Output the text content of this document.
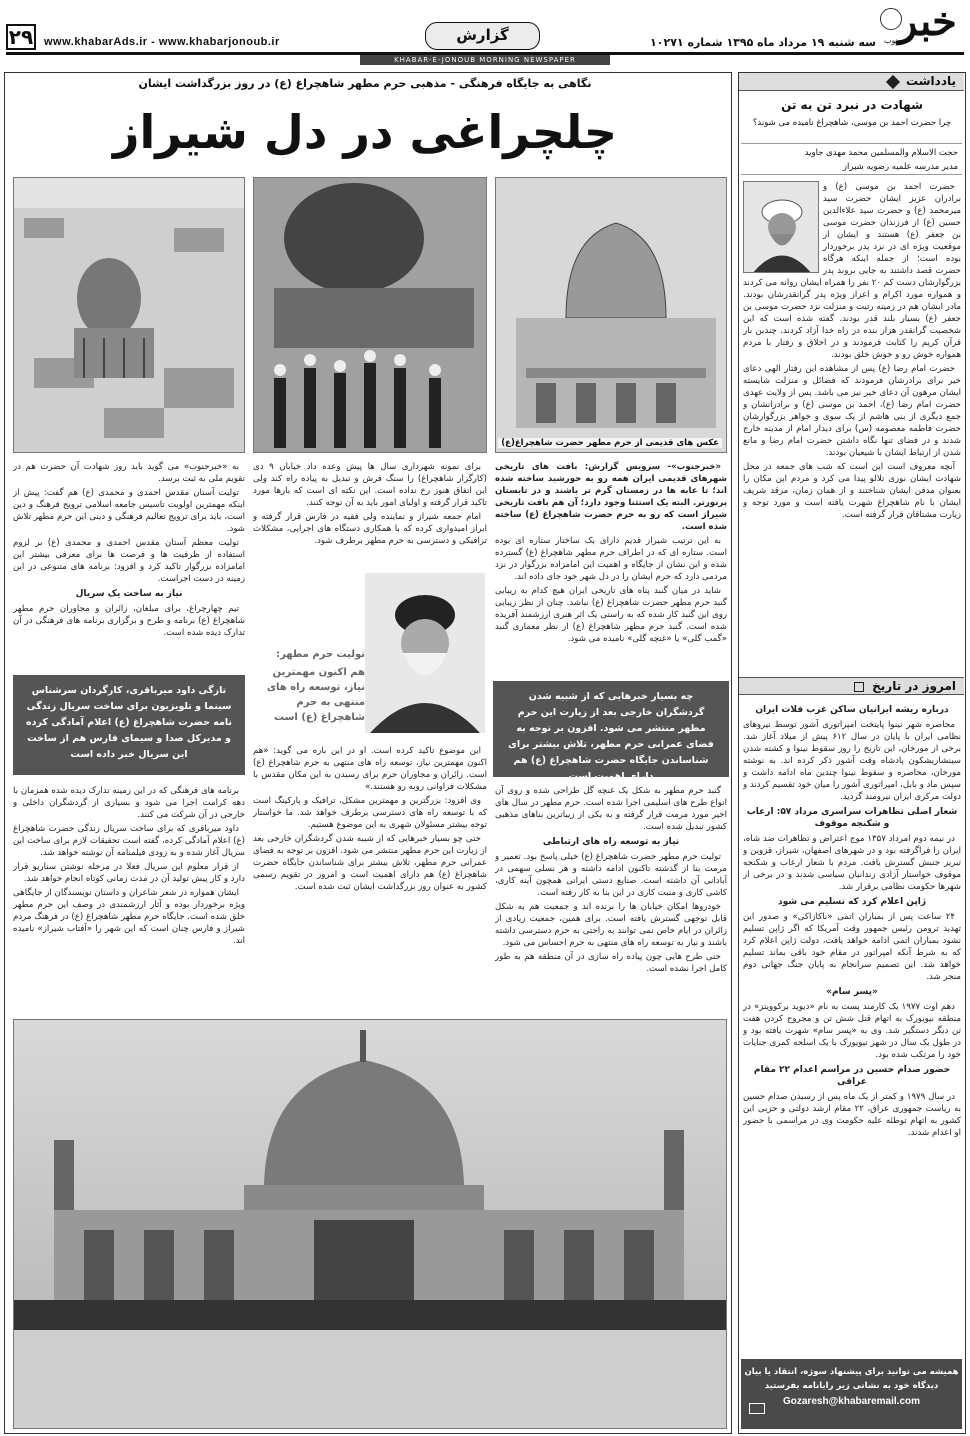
۲۹ www.khabarAds.ir - www.khabarjonoub.ir	گزارش	سه شنبه ۱۹ مرداد ماه ۱۳۹۵ شماره ۱۰۲۷۱ خبر
جنوب
KHABAR-E-JONOUB MORNING NEWSPAPER
یادداشت
شهادت در نبرد تن به تن
چرا حضرت احمد بن موسی، شاهچراغ نامیده می شوند؟
حجت الاسلام والمسلمین محمد مهدی جاوید
مدیر مدرسه علمیه رضویه شیراز

حضرت احمد بن موسی (ع) و برادران عزیز ایشان حضرت سید میرمحمد (ع) و حضرت سید علاءالدین حسین (ع) از فرزندان حضرت موسی بن جعفر (ع) هستند و ایشان از موقعیت ویژه ای در نزد پدر برخوردار بوده است؛ از جمله اینکه هرگاه حضرت قصد داشتند به جایی بروند پدر بزرگوارشان دست کم ۲۰ نفر را همراه ایشان روانه می کردند و همواره مورد اکرام و اعزاز ویژه پدر گرانقدرشان بودند. مادر ایشان هم در زمینه رتبت و منزلت نزد حضرت موسی بن جعفر (ع) بسیار بلند قدر بودند. گفته شده است که این شخصیت گرانقدر هزار بنده در راه خدا آزاد کردند. چندین بار قرآن کریم را کتابت فرمودند و در اخلاق و رفتار با مردم همواره خوش رو و خوش خلق بودند.

حضرت امام رضا (ع) پس از مشاهده این رفتار الهی دعای خیر برای برادرشان فرمودند که فضائل و منزلت شایسته ایشان مرهون آن دعای خیر نیز می باشد. پس از ولایت عهدی حضرت امام رضا (ع)، احمد بن موسی (ع) و برادرانشان و جمع دیگری از بنی هاشم از یک سوی و خواهر بزرگوارشان حضرت فاطمه معصومه (س) برای دیدار امام از مدینه خارج شدند و در فضای تنها نگاه داشتن حضرت امام رضا و مانع شدن از ارتباط ایشان با شیعیان بودند.

آنچه معروف است این است که شب های جمعه در محل شهادت ایشان نوری تلالو پیدا می کرد و مردم این مکان را بعنوان مدفن ایشان شناختند و از همان زمان، مرقد شریف ایشان با نام شاهچراغ شهرت یافته است و مورد توجه و زیارت مشتاقان قرار گرفته است.

امروز در تاریخ
درباره ریشه ایرانیان ساکن غرب فلات ایران

محاصره شهر نینوا پایتخت امپراتوری آشور توسط نیروهای نظامی ایران با پایان در سال ۶۱۲ پیش از میلاد آغاز شد. برخی از مورخان، این تاریخ را روز سقوط نینوا و کشته شدن سینشاریشکون پادشاه وقت آشور ذکر کرده اند. به نوشته مورخان، محاصره و سقوط نینوا چندین ماه ادامه داشت و سپس ماد و بابل، امپراتوری آشور را میان خود تقسیم کردند و دولت مرکزی ایران نیرومند گردید.

شعار اصلی تظاهرات سراسری مرداد ۵۷: ارعاب و شکنجه موقوف

در نیمه دوم امرداد ۱۳۵۷ موج اعتراض و تظاهرات ضد شاه، ایران را فراگرفته بود و در شهرهای اصفهان، شیراز، قزوین و تبریز جنبش گسترش یافت. مردم با شعار ارعاب و شکنجه موقوف خواستار آزادی زندانیان سیاسی شدند و در برخی از شهرها حکومت نظامی برقرار شد.

ژاپن اعلام کرد که تسلیم می شود

۲۴ ساعت پس از بمباران اتمی «ناکازاکی» و صدور این تهدید ترومن رئیس جمهور وقت آمریکا که اگر ژاپن تسلیم نشود بمباران اتمی ادامه خواهد یافت، دولت ژاپن اعلام کرد که به شرط آنکه امپراتور در مقام خود باقی بماند تسلیم خواهد شد. این تصمیم سرانجام به پایان جنگ جهانی دوم منجر شد.

«پسر سام»

دهم اوت ۱۹۷۷ یک کارمند پست به نام «دیوید برکوویتز» در منطقه نیویورک به اتهام قتل شش تن و مجروح کردن هفت تن دیگر دستگیر شد. وی به «پسر سام» شهرت یافته بود و در طول یک سال در شهر نیویورک با یک اسلحه کمری جنایات خود را مرتکب شده بود.

حضور صدام حسین در مراسم اعدام ۲۲ مقام عراقی

در سال ۱۹۷۹ و کمتر از یک ماه پس از رسیدن صدام حسین به ریاست جمهوری عراق، ۲۲ مقام ارشد دولتی و حزبی این کشور به اتهام توطئه علیه حکومت وی در مراسمی با حضور او اعدام شدند.

همیشه می توانید برای پیشنهاد سوژه، انتقاد یا بیان
دیدگاه خود به نشانی زیر رایانامه بفرستید
Gozaresh@khabaremail.com
نگاهی به جایگاه فرهنگی - مذهبی حرم مطهر شاهچراغ (ع) در روز بزرگداشت ایشان
چلچراغی در دل شیراز
عکس های قدیمی از حرم مطهر حضرت شاهچراغ(ع)

«خبرجنوب»- سرویس گزارش: بافت های تاریخی شهرهای قدیمی ایران همه رو به خورشید ساخته شده اند؛ تا عابه ها در زمستان گرم تر باشند و در تابستان پرنورتر. البته یک استثنا وجود دارد؛ آن هم بافت تاریخی شیراز است که رو به حرم حضرت شاهچراغ (ع) ساخته شده است.

به این ترتیب شیراز قدیم دارای یک ساختار ستاره ای بوده است. ستاره ای که در اطراف حرم مطهر شاهچراغ (ع) گسترده شده و این نشان از جایگاه و اهمیت این امامزاده بزرگوار در نزد مردمی دارد که حرم ایشان را در دل شهر خود جای داده اند.

شاید در میان گنبد پناه های تاریخی ایران هیچ کدام به زیبایی گنبد حرم مطهر حضرت شاهچراغ (ع) نباشد. چنان از نظر زیبایی روی این گنبد کار شده که به راستی یک اثر هنری ارزشمند آفریده شده است. گنبد حرم مطهر شاهچراغ (ع) از نظر معماری گنبد «گمب گلی» یا «غنچه گلی» نامیده می شود.

چه بسیار خبرهایی که از شبیه شدن گردشگران خارجی بعد از زیارت این حرم مطهر منتشر می شود. افزون بر توجه به فضای عمرانی حرم مطهر، تلاش بیشتر برای شناساندن جایگاه حضرت شاهچراغ (ع) هم دارای اهمیت است

گنبد حرم مطهر به شکل یک غنچه گل طراحی شده و روی آن انواع طرح های اسلیمی اجرا شده است. حرم مطهر در سال های اخیر مورد مرمت قرار گرفته و به یکی از زیباترین بناهای مذهبی کشور تبدیل شده است.

نیاز به توسعه راه های ارتباطی

تولیت حرم مطهر حضرت شاهچراغ (ع) خیلی پاسخ بود. تعمیر و مرمت بنا از گذشته تاکنون ادامه داشته و هر نسلی سهمی در آبادانی آن داشته است. صنایع دستی ایرانی همچون آینه کاری، کاشی کاری و منبت کاری در این بنا به کار رفته است.

خودروها امکان خیابان ها را برنده اند و جمعیت هم به شکل قابل توجهی گسترش یافته است. برای همین، جمعیت زیادی از زائران در ایام خاص نمی توانند به راحتی به حرم دسترسی داشته باشند و نیاز به توسعه راه های منتهی به حرم احساس می شود.

حتی طرح هایی چون پیاده راه سازی در آن منطقه هم به طور کامل اجرا نشده است.

برای نمونه شهرداری سال ها پیش وعده داد خیابان ۹ دی (کارگزار شاهچراغ) را سنگ فرش و تبدیل به پیاده راه کند ولی این اتفاق هنوز رخ نداده است. این نکته ای است که بارها مورد تاکید قرار گرفته و اولیای امور باید به آن توجه کنند.

امام جمعه شیراز و نماینده ولی فقیه در فارس قرار گرفته و ابراز امیدواری کرده که با همکاری دستگاه های اجرایی، مشکلات ترافیکی و دسترسی به حرم مطهر برطرف شود.

تولیت حرم مطهر:
هم اکنون مهمترین نیاز، توسعه راه های منتهی به حرم شاهچراغ (ع) است

این موضوع تاکید کرده است. او در این باره می گوید: «هم اکنون مهمترین نیاز، توسعه راه های منتهی به حرم شاهچراغ (ع) است. زائران و مجاوران حرم برای رسیدن به این مکان مقدس با مشکلات فراوانی روبه رو هستند.»

وی افزود: بزرگترین و مهمترین مشکل، ترافیک و پارکینگ است که با توسعه راه های دسترسی برطرف خواهد شد. ما خواستار توجه بیشتر مسئولان شهری به این موضوع هستیم.

حتی چو بسیار خبرهایی که از شیبه شدن گردشگران خارجی بعد از زیارت این حرم مطهر منتشر می شود. افزون بر توجه به فضای عمرانی حرم مطهر، تلاش بیشتر برای شناساندن جایگاه حضرت شاهچراغ (ع) هم دارای اهمیت است و امروز در تقویم رسمی کشور به عنوان روز بزرگداشت ایشان ثبت شده است.

به «خبرجنوب» می گوید باید روز شهادت آن حضرت هم در تقویم ملی به ثبت برسد.

تولیت آستان مقدس احمدی و محمدی (ع) هم گفت: پیش از اینکه مهمترین اولویت تاسیس جامعه اسلامی ترویج فرهنگ و دین است، باید برای ترویج تعالیم فرهنگی و دینی این حرم مطهر تلاش شود.

تولیت معظم آستان مقدس احمدی و محمدی (ع) بر لزوم استفاده از ظرفیت ها و فرصت ها برای معرفی بیشتر این امامزاده بزرگوار تاکید کرد و افزود: برنامه های متنوعی در این زمینه در دست اجراست.

نیاز به ساخت یک سریال

تیم چهارچراغ، برای مبلغان، زائران و مجاوران حرم مطهر شاهچراغ (ع) برنامه و طرح و برگزاری برنامه های فرهنگی در آن تدارک دیده شده است.

تازگی داود میرباقری، کارگردان سرشناس سینما و تلویزیون برای ساخت سریال زندگی نامه حضرت شاهچراغ (ع) اعلام آمادگی کرده و مدیرکل صدا و سیمای فارس هم از ساخت این سریال خبر داده است

برنامه های فرهنگی که در این زمینه تدارک دیده شده همزمان با دهه کرامت اجرا می شود و بسیاری از گردشگران داخلی و خارجی در آن شرکت می کنند.

داود میرباقری که برای ساخت سریال زندگی حضرت شاهچراغ (ع) اعلام آمادگی کرده، گفته است تحقیقات لازم برای ساخت این سریال آغاز شده و به زودی فیلمنامه آن نوشته خواهد شد.

از قرار معلوم این سریال فعلا در مرحله نوشتن سناریو قرار دارد و کار پیش تولید آن در مدت زمانی کوتاه انجام خواهد شد.

ایشان همواره در شعر شاعران و داستان نویسندگان از جایگاهی ویژه برخوردار بوده و آثار ارزشمندی در وصف این حرم مطهر خلق شده است. جایگاه حرم مطهر شاهچراغ (ع) در فرهنگ مردم شیراز و فارس چنان است که این شهر را «آفتاب شیراز» نامیده اند.
